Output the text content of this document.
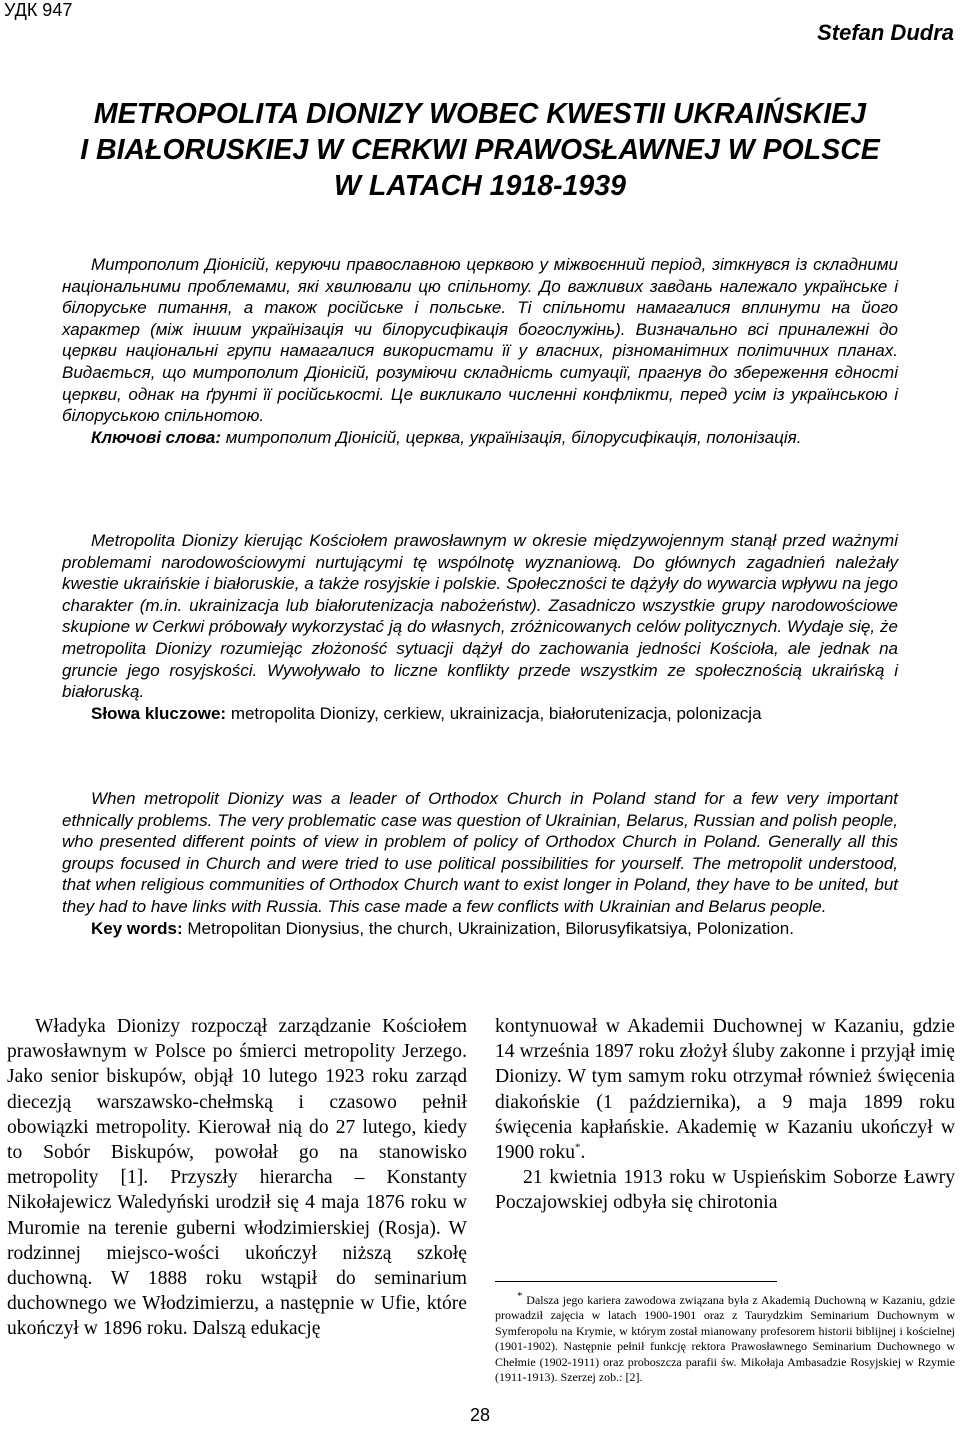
УДК 947
Stefan Dudra
METROPOLITA DIONIZY WOBEC KWESTII UKRAIŃSKIEJ
I BIAŁORUSKIEJ W CERKWI PRAWOSŁAWNEJ W POLSCE
W LATACH 1918-1939

Митрополит Діонісій, керуючи православною церквою у міжвоєнний період, зіткнувся із складними національними проблемами, які хвилювали цю спільноту. До важливих завдань належало українське і білоруське питання, а також російське і польське. Ті спільноти намагалися вплинути на його характер (між іншим українізація чи білорусифікація богослужінь). Визначально всі приналежні до церкви національні групи намагалися використати її у власних, різноманітних політичних планах. Видається, що митрополит Діонісій, розуміючи складність ситуації, прагнув до збереження єдності церкви, однак на ґрунті її російськості. Це викликало численні конфлікти, перед усім із українською і білоруською спільнотою.

Ключові слова: митрополит Діонісій, церква, українізація, білорусифікація, полонізація.

Metropolita Dionizy kierując Kościołem prawosławnym w okresie międzywojennym stanął przed ważnymi problemami narodowościowymi nurtującymi tę wspólnotę wyznaniową. Do głównych zagadnień należały kwestie ukraińskie i białoruskie, a także rosyjskie i polskie. Społeczności te dążyły do wywarcia wpływu na jego charakter (m.in. ukrainizacja lub białorutenizacja nabożeństw). Zasadniczo wszystkie grupy narodowościowe skupione w Cerkwi próbowały wykorzystać ją do własnych, zróżnicowanych celów politycznych. Wydaje się, że metropolita Dionizy rozumiejąc złożoność sytuacji dążył do zachowania jedności Kościoła, ale jednak na gruncie jego rosyjskości. Wywoływało to liczne konflikty przede wszystkim ze społecznością ukraińską i białoruską.

Słowa kluczowe: metropolita Dionizy, cerkiew, ukrainizacja, białorutenizacja, polonizacja

When metropolit Dionizy was a leader of Orthodox Church in Poland stand for a few very important ethnically problems. The very problematic case was question of Ukrainian, Belarus, Russian and polish people, who presented different points of view in problem of policy of Orthodox Church in Poland. Generally all this groups focused in Church and were tried to use political possibilities for yourself. The metropolit understood, that when religious communities of Orthodox Church want to exist longer in Poland, they have to be united, but they had to have links with Russia. This case made a few conflicts with Ukrainian and Belarus people.

Key words: Metropolitan Dionysius, the church, Ukrainization, Bilorusyfikatsiya, Polonization.

Władyka Dionizy rozpoczął zarządzanie Kościołem prawosławnym w Polsce po śmierci metropolity Jerzego. Jako senior biskupów, objął 10 lutego 1923 roku zarząd diecezją warszawsko-chełmską i czasowo pełnił obowiązki metropolity. Kierował nią do 27 lutego, kiedy to Sobór Biskupów, powołał go na stanowisko metropolity [1]. Przyszły hierarcha – Konstanty Nikołajewicz Waledyński urodził się 4 maja 1876 roku w Muromie na terenie guberni włodzimierskiej (Rosja). W rodzinnej miejsco-wości ukończył niższą szkołę duchowną. W 1888 roku wstąpił do seminarium duchownego we Włodzimierzu, a następnie w Ufie, które ukończył w 1896 roku. Dalszą edukację

kontynuował w Akademii Duchownej w Kazaniu, gdzie 14 września 1897 roku złożył śluby zakonne i przyjął imię Dionizy. W tym samym roku otrzymał również święcenia diakońskie (1 października), a 9 maja 1899 roku święcenia kapłańskie. Akademię w Kazaniu ukończył w 1900 roku*.

21 kwietnia 1913 roku w Uspieńskim Soborze Ławry Poczajowskiej odbyła się chirotonia

* Dalsza jego kariera zawodowa związana była z Akademią Duchowną w Kazaniu, gdzie prowadził zajęcia w latach 1900-1901 oraz z Taurydzkim Seminarium Duchownym w Symferopolu na Krymie, w którym został mianowany profesorem historii biblijnej i kościelnej (1901-1902). Następnie pełnił funkcję rektora Prawosławnego Seminarium Duchownego w Chełmie (1902-1911) oraz proboszcza parafii św. Mikołaja Ambasadzie Rosyjskiej w Rzymie (1911-1913). Szerzej zob.: [2].

28
